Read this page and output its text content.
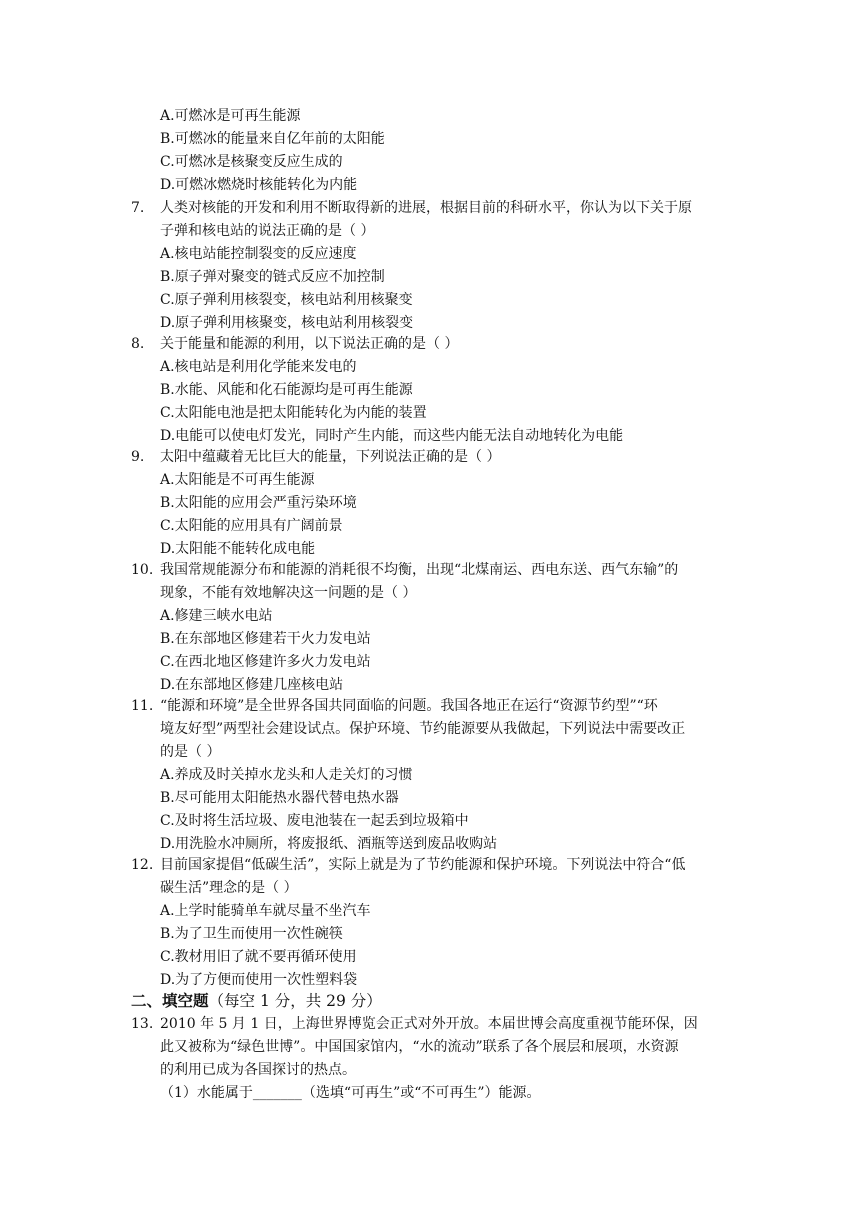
A.可燃冰是可再生能源
B.可燃冰的能量来自亿年前的太阳能
C.可燃冰是核聚变反应生成的
D.可燃冰燃烧时核能转化为内能
7. 人类对核能的开发和利用不断取得新的进展，根据目前的科研水平，你认为以下关于原
子弹和核电站的说法正确的是（ ）
A.核电站能控制裂变的反应速度
B.原子弹对聚变的链式反应不加控制
C.原子弹利用核裂变，核电站利用核聚变
D.原子弹利用核聚变，核电站利用核裂变
8. 关于能量和能源的利用，以下说法正确的是（ ）
A.核电站是利用化学能来发电的
B.水能、风能和化石能源均是可再生能源
C.太阳能电池是把太阳能转化为内能的装置
D.电能可以使电灯发光，同时产生内能，而这些内能无法自动地转化为电能
9. 太阳中蕴藏着无比巨大的能量，下列说法正确的是（ ）
A.太阳能是不可再生能源
B.太阳能的应用会严重污染环境
C.太阳能的应用具有广阔前景
D.太阳能不能转化成电能
10. 我国常规能源分布和能源的消耗很不均衡，出现“北煤南运、西电东送、西气东输”的
现象，不能有效地解决这一问题的是（ ）
A.修建三峡水电站
B.在东部地区修建若干火力发电站
C.在西北地区修建许多火力发电站
D.在东部地区修建几座核电站
11. “能源和环境”是全世界各国共同面临的问题。我国各地正在运行“资源节约型”“环
境友好型”两型社会建设试点。保护环境、节约能源要从我做起，下列说法中需要改正
的是（ ）
A.养成及时关掉水龙头和人走关灯的习惯
B.尽可能用太阳能热水器代替电热水器
C.及时将生活垃圾、废电池装在一起丢到垃圾箱中
D.用洗脸水冲厕所，将废报纸、酒瓶等送到废品收购站
12. 目前国家提倡“低碳生活”，实际上就是为了节约能源和保护环境。下列说法中符合“低
碳生活”理念的是（ ）
A.上学时能骑单车就尽量不坐汽车
B.为了卫生而使用一次性碗筷
C.教材用旧了就不要再循环使用
D.为了方便而使用一次性塑料袋
二、填空题（每空 1 分，共 29 分）
13. 2010 年 5 月 1 日，上海世界博览会正式对外开放。本届世博会高度重视节能环保，因
此又被称为“绿色世博”。中国国家馆内，“水的流动”联系了各个展层和展项，水资源
的利用已成为各国探讨的热点。
（1）水能属于_______（选填“可再生”或“不可再生”）能源。
